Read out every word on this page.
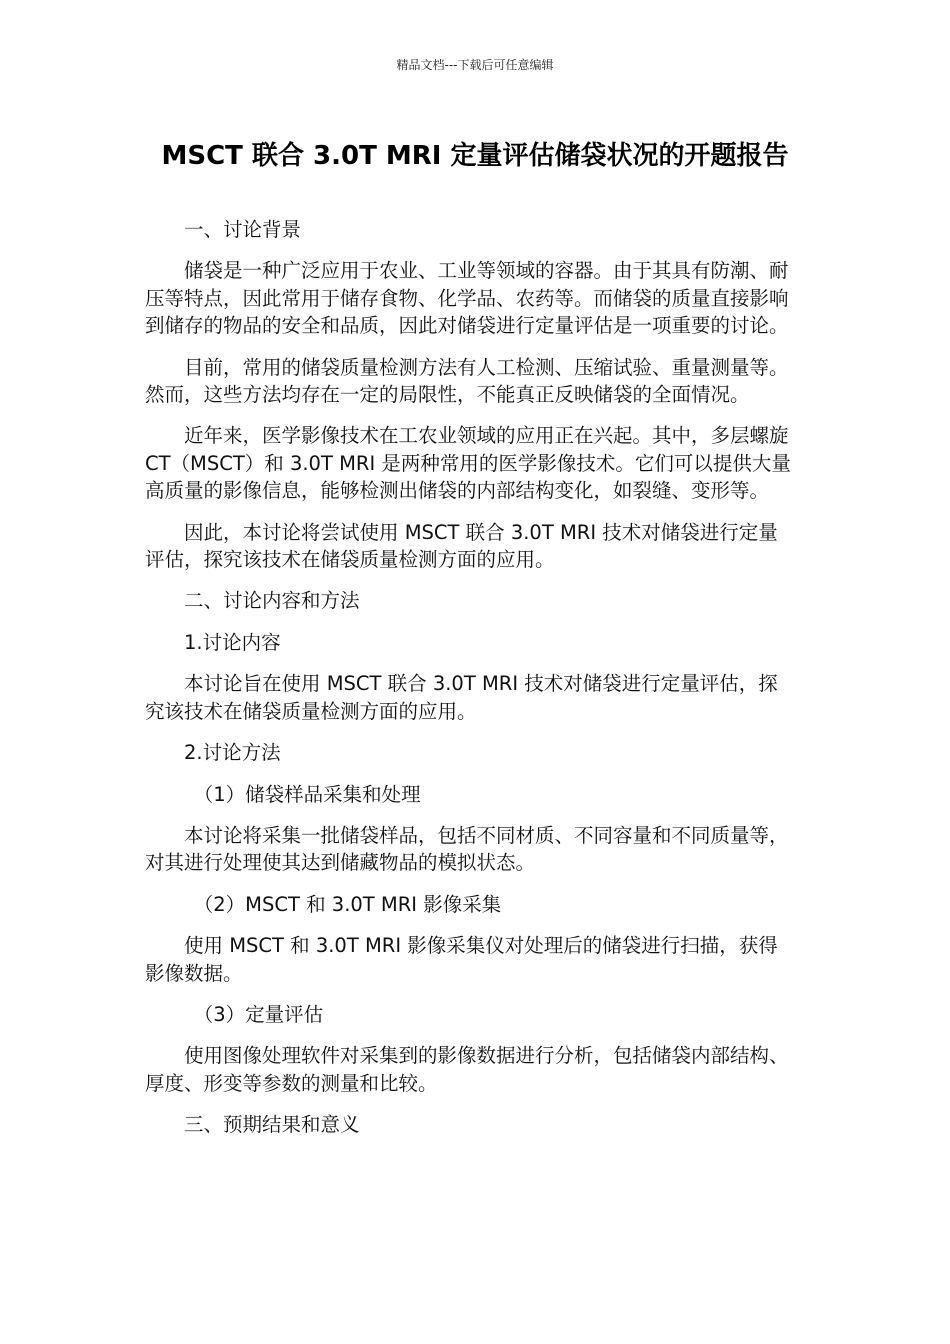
精品文档---下载后可任意编辑
MSCT 联合 3.0T MRI 定量评估储袋状况的开题报告

一、讨论背景

储袋是一种广泛应用于农业、工业等领域的容器。由于其具有防潮、耐压等特点，因此常用于储存食物、化学品、农药等。而储袋的质量直接影响到储存的物品的安全和品质，因此对储袋进行定量评估是一项重要的讨论。

目前，常用的储袋质量检测方法有人工检测、压缩试验、重量测量等。然而，这些方法均存在一定的局限性，不能真正反映储袋的全面情况。

近年来，医学影像技术在工农业领域的应用正在兴起。其中，多层螺旋 CT（MSCT）和 3.0T MRI 是两种常用的医学影像技术。它们可以提供大量高质量的影像信息，能够检测出储袋的内部结构变化，如裂缝、变形等。

因此，本讨论将尝试使用 MSCT 联合 3.0T MRI 技术对储袋进行定量评估，探究该技术在储袋质量检测方面的应用。

二、讨论内容和方法

1.讨论内容

本讨论旨在使用 MSCT 联合 3.0T MRI 技术对储袋进行定量评估，探究该技术在储袋质量检测方面的应用。

2.讨论方法

（1）储袋样品采集和处理

本讨论将采集一批储袋样品，包括不同材质、不同容量和不同质量等，对其进行处理使其达到储藏物品的模拟状态。

（2）MSCT 和 3.0T MRI 影像采集

使用 MSCT 和 3.0T MRI 影像采集仪对处理后的储袋进行扫描，获得影像数据。

（3）定量评估

使用图像处理软件对采集到的影像数据进行分析，包括储袋内部结构、厚度、形变等参数的测量和比较。

三、预期结果和意义
